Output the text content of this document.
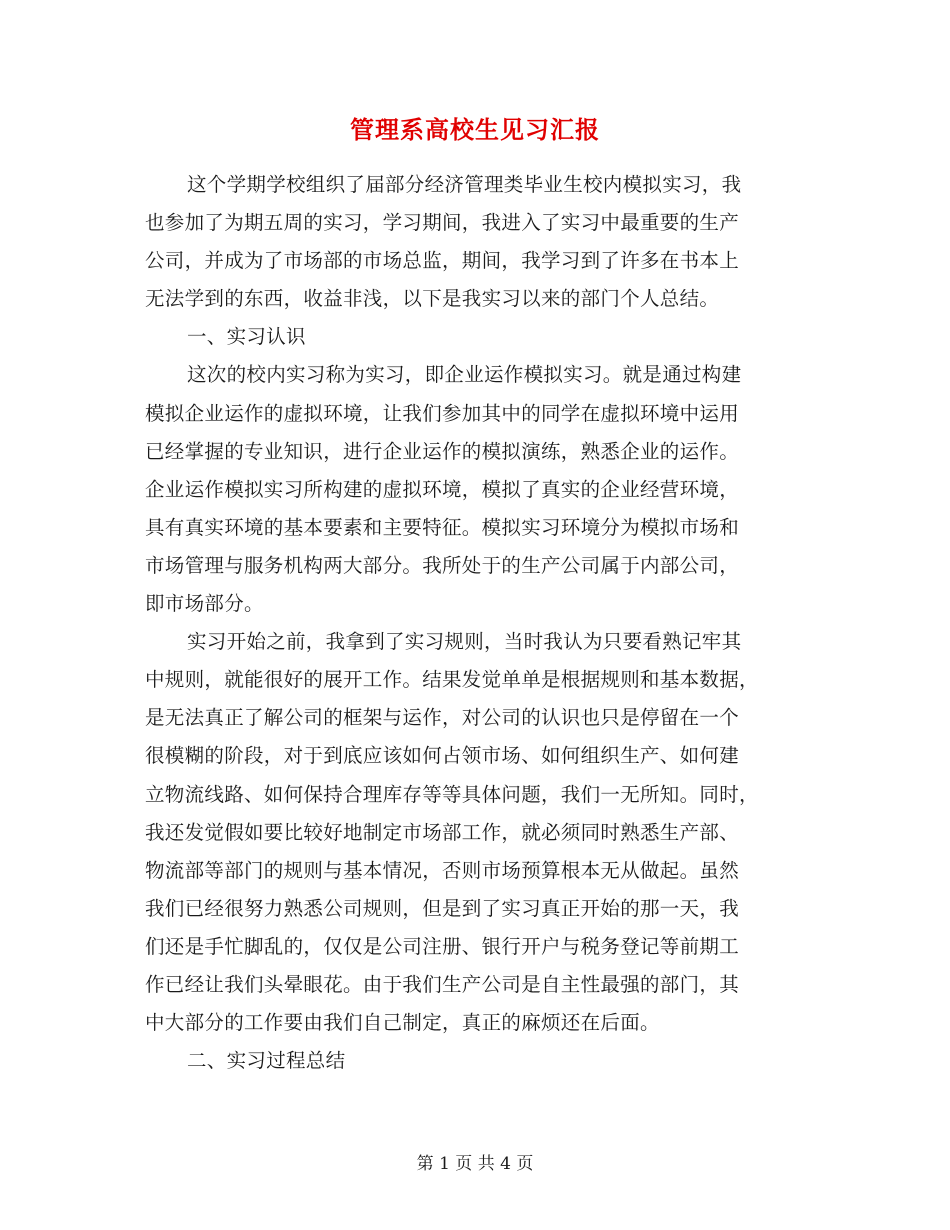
管理系高校生见习汇报
这个学期学校组织了届部分经济管理类毕业生校内模拟实习，我
也参加了为期五周的实习，学习期间，我进入了实习中最重要的生产
公司，并成为了市场部的市场总监，期间，我学习到了许多在书本上
无法学到的东西，收益非浅，以下是我实习以来的部门个人总结。
一、实习认识
这次的校内实习称为实习，即企业运作模拟实习。就是通过构建
模拟企业运作的虚拟环境，让我们参加其中的同学在虚拟环境中运用
已经掌握的专业知识，进行企业运作的模拟演练，熟悉企业的运作。
企业运作模拟实习所构建的虚拟环境，模拟了真实的企业经营环境，
具有真实环境的基本要素和主要特征。模拟实习环境分为模拟市场和
市场管理与服务机构两大部分。我所处于的生产公司属于内部公司，
即市场部分。
实习开始之前，我拿到了实习规则，当时我认为只要看熟记牢其
中规则，就能很好的展开工作。结果发觉单单是根据规则和基本数据，
是无法真正了解公司的框架与运作，对公司的认识也只是停留在一个
很模糊的阶段，对于到底应该如何占领市场、如何组织生产、如何建
立物流线路、如何保持合理库存等等具体问题，我们一无所知。同时，
我还发觉假如要比较好地制定市场部工作，就必须同时熟悉生产部、
物流部等部门的规则与基本情况，否则市场预算根本无从做起。虽然
我们已经很努力熟悉公司规则，但是到了实习真正开始的那一天，我
们还是手忙脚乱的，仅仅是公司注册、银行开户与税务登记等前期工
作已经让我们头晕眼花。由于我们生产公司是自主性最强的部门，其
中大部分的工作要由我们自己制定，真正的麻烦还在后面。
二、实习过程总结
第 1 页 共 4 页
